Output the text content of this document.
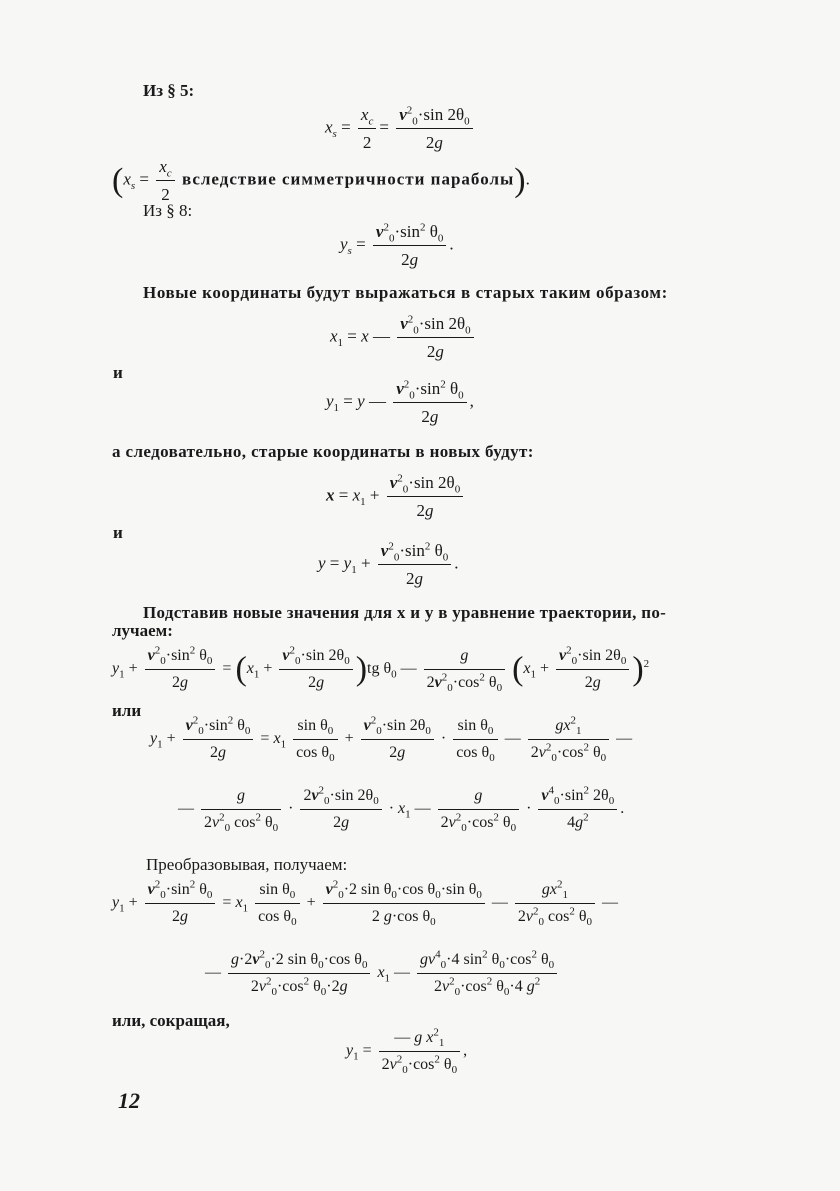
Из § 5:
$x_s = \frac{x_c}{2} = \frac{v^2_0\cdot\sin 2\theta_0}{2g}$
($x_s = \frac{x_c}{2}$ вследствие симметричности параболы).
Из § 8:
$y_s = \frac{v^2_0\cdot\sin^2 \theta_0}{2g}$ .
Новые координаты будут выражаться в старых таким образом:
$x_1 = x$ — $\frac{v^2_0\cdot\sin 2\theta_0}{2g}$
и
$y_1 = y$ — $\frac{v^2_0\cdot\sin^2 \theta_0}{2g}$ ,
а следовательно, старые координаты в новых будут:
$x = x_1 + \frac{v^2_0\cdot\sin 2\theta_0}{2g}$
и
$y = y_1 + \frac{v^2_0\cdot\sin^2 \theta_0}{2g}$ .
Подставив новые значения для x и y в уравнение траектории, по-
лучаем:
$y_1 + \frac{v^2_0\cdot\sin^2 \theta_0}{2g} = (x_1 + \frac{v^2_0\cdot\sin 2\theta_0}{2g} )tg$ $\theta_0$ — $\frac{g}{2v^2_0\cdot\cos^2 \theta_0} (x_1 + \frac{v^2_0\cdot\sin 2\theta_0}{2g} )^2$
или
$y_1 + \frac{v^2_0\cdot\sin^2 \theta_0}{2g} = x_1 \frac{\sin \theta_0}{\cos \theta_0} + \frac{v^2_0\cdot\sin 2\theta_0}{2g} \cdot \frac{\sin \theta_0}{\cos \theta_0}$ — $\frac{gx^2_1}{2v^2_0\cdot\cos^2 \theta_0}$ —
— $\frac{g}{2v^2_0 \cos^2 \theta_0} \cdot \frac{2v^2_0\cdot\sin 2\theta_0}{2g} \cdot x_1$ — $\frac{g}{2v^2_0\cdot\cos^2 \theta_0} \cdot \frac{v^4_0\cdot\sin^2 2\theta_0}{4g^2}$ .
Преобразовывая, получаем:
$y_1 + \frac{v^2_0\cdot\sin^2 \theta_0}{2g} = x_1 \frac{\sin \theta_0}{\cos \theta_0} + \frac{v^2_0\cdot 2 \sin \theta_0\cdot\cos \theta_0\cdot\sin \theta_0}{2 g\cdot\cos \theta_0}$ — $\frac{gx^2_1}{2v^2_0 \cos^2 \theta_0}$ —
— $\frac{g\cdot 2v^2_0\cdot 2 \sin \theta_0\cdot\cos \theta_0}{2v^2_0\cdot\cos^2 \theta_0\cdot 2g} x_1$ — $\frac{gv^4_0\cdot 4 \sin^2 \theta_0\cdot\cos^2 \theta_0}{2v^2_0\cdot\cos^2 \theta_0\cdot 4 g^2}$
или, сокращая,
$y_1 = \frac{— g x^2_1}{2v^2_0\cdot\cos^2 \theta_0}$ ,
12
